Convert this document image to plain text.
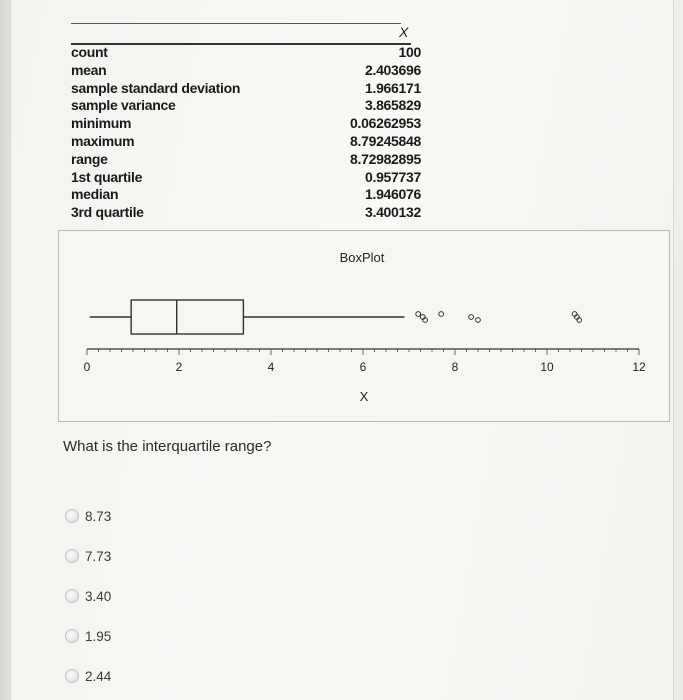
X
count	100
mean	2.403696
sample standard deviation	1.966171
sample variance	3.865829
minimum	0.06262953
maximum	8.79245848
range	8.72982895
1st quartile	0.957737
median	1.946076
3rd quartile	3.400132
BoxPlot
X
0	2	4	6	8	10	12
What is the interquartile range?
8.73
7.73
3.40
1.95
2.44
